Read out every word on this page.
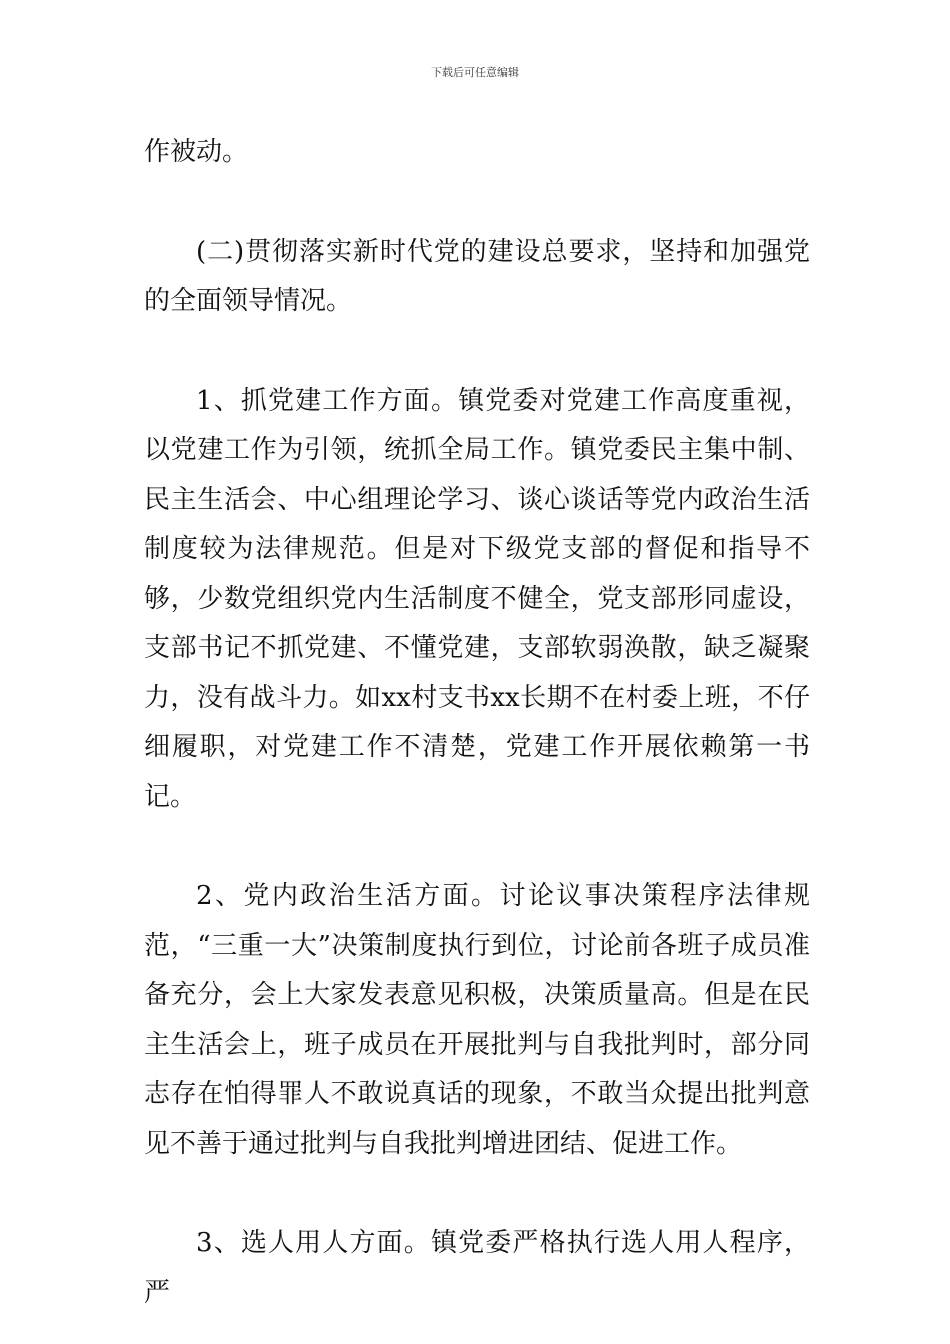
下载后可任意编辑

作被动。

(二)贯彻落实新时代党的建设总要求，坚持和加强党的全面领导情况。

1、抓党建工作方面。镇党委对党建工作高度重视，以党建工作为引领，统抓全局工作。镇党委民主集中制、民主生活会、中心组理论学习、谈心谈话等党内政治生活制度较为法律规范。但是对下级党支部的督促和指导不够，少数党组织党内生活制度不健全，党支部形同虚设，支部书记不抓党建、不懂党建，支部软弱涣散，缺乏凝聚力，没有战斗力。如xx村支书xx长期不在村委上班，不仔细履职，对党建工作不清楚，党建工作开展依赖第一书记。

2、党内政治生活方面。讨论议事决策程序法律规范，“三重一大”决策制度执行到位，讨论前各班子成员准备充分，会上大家发表意见积极，决策质量高。但是在民主生活会上，班子成员在开展批判与自我批判时，部分同志存在怕得罪人不敢说真话的现象，不敢当众提出批判意见不善于通过批判与自我批判增进团结、促进工作。

3、选人用人方面。镇党委严格执行选人用人程序，严
